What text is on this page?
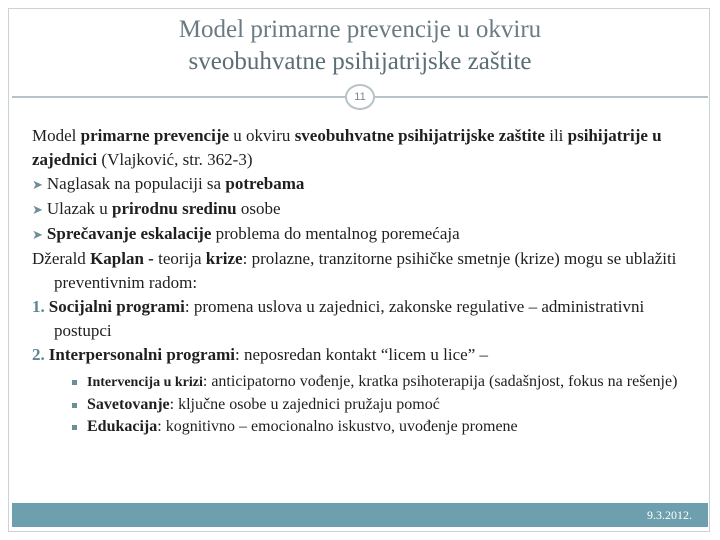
Model primarne prevencije u okviru
sveobuhvatne psihijatrijske zaštite
11

Model primarne prevencije u okviru sveobuhvatne psihijatrijske zaštite ili psihijatrije u zajednici (Vlajković, str. 362-3)

➤ Naglasak na populaciji sa potrebama

➤ Ulazak u prirodnu sredinu osobe

➤ Sprečavanje eskalacije problema do mentalnog poremećaja

Džerald Kaplan - teorija krize: prolazne, tranzitorne psihičke smetnje (krize) mogu se ublažiti preventivnim radom:

1. Socijalni programi: promena uslova u zajednici, zakonske regulative – administrativni postupci

2. Interpersonalni programi: neposredan kontakt “licem u lice” –

Intervencija u krizi: anticipatorno vođenje, kratka psihoterapija (sadašnjost, fokus na rešenje)

Savetovanje: ključne osobe u zajednici pružaju pomoć

Edukacija: kognitivno – emocionalno iskustvo, uvođenje promene

9.3.2012.
